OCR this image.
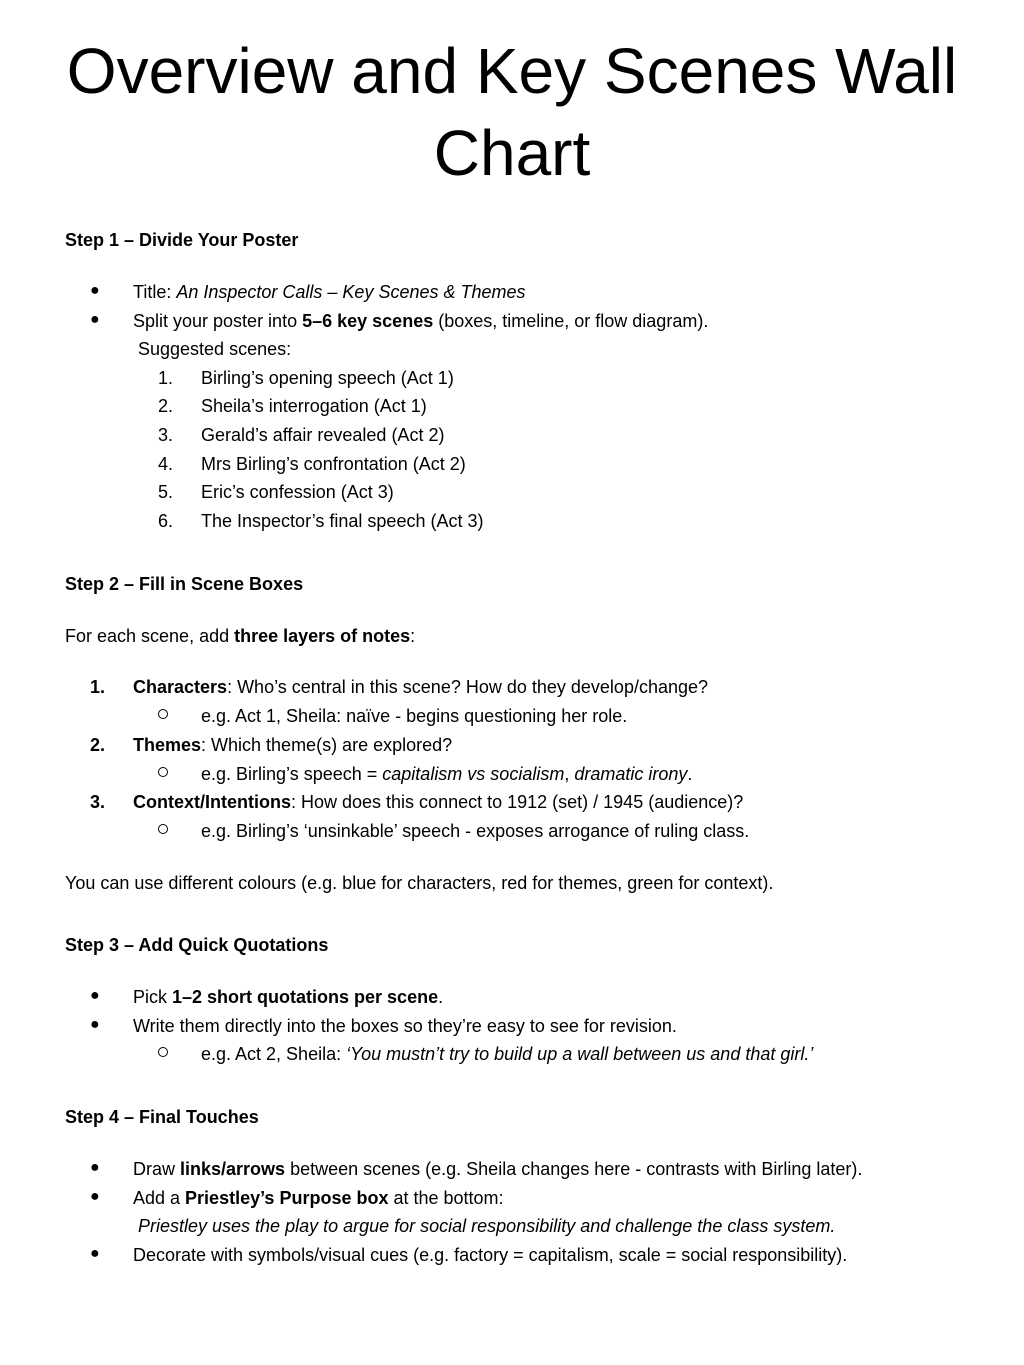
Overview and Key Scenes Wall Chart
Step 1 – Divide Your Poster
● Title: An Inspector Calls – Key Scenes & Themes
● Split your poster into 5–6 key scenes (boxes, timeline, or flow diagram).
Suggested scenes:
1. Birling’s opening speech (Act 1)
2. Sheila’s interrogation (Act 1)
3. Gerald’s affair revealed (Act 2)
4. Mrs Birling’s confrontation (Act 2)
5. Eric’s confession (Act 3)
6. The Inspector’s final speech (Act 3)
Step 2 – Fill in Scene Boxes
For each scene, add three layers of notes:
1. Characters: Who’s central in this scene? How do they develop/change?
e.g. Act 1, Sheila: naïve - begins questioning her role.
2. Themes: Which theme(s) are explored?
e.g. Birling’s speech = capitalism vs socialism, dramatic irony.
3. Context/Intentions: How does this connect to 1912 (set) / 1945 (audience)?
e.g. Birling’s ‘unsinkable’ speech - exposes arrogance of ruling class.
You can use different colours (e.g. blue for characters, red for themes, green for context).
Step 3 – Add Quick Quotations
● Pick 1–2 short quotations per scene.
● Write them directly into the boxes so they’re easy to see for revision.
e.g. Act 2, Sheila: ‘You mustn’t try to build up a wall between us and that girl.’
Step 4 – Final Touches
● Draw links/arrows between scenes (e.g. Sheila changes here - contrasts with Birling later).
● Add a Priestley’s Purpose box at the bottom:
Priestley uses the play to argue for social responsibility and challenge the class system.
● Decorate with symbols/visual cues (e.g. factory = capitalism, scale = social responsibility).
